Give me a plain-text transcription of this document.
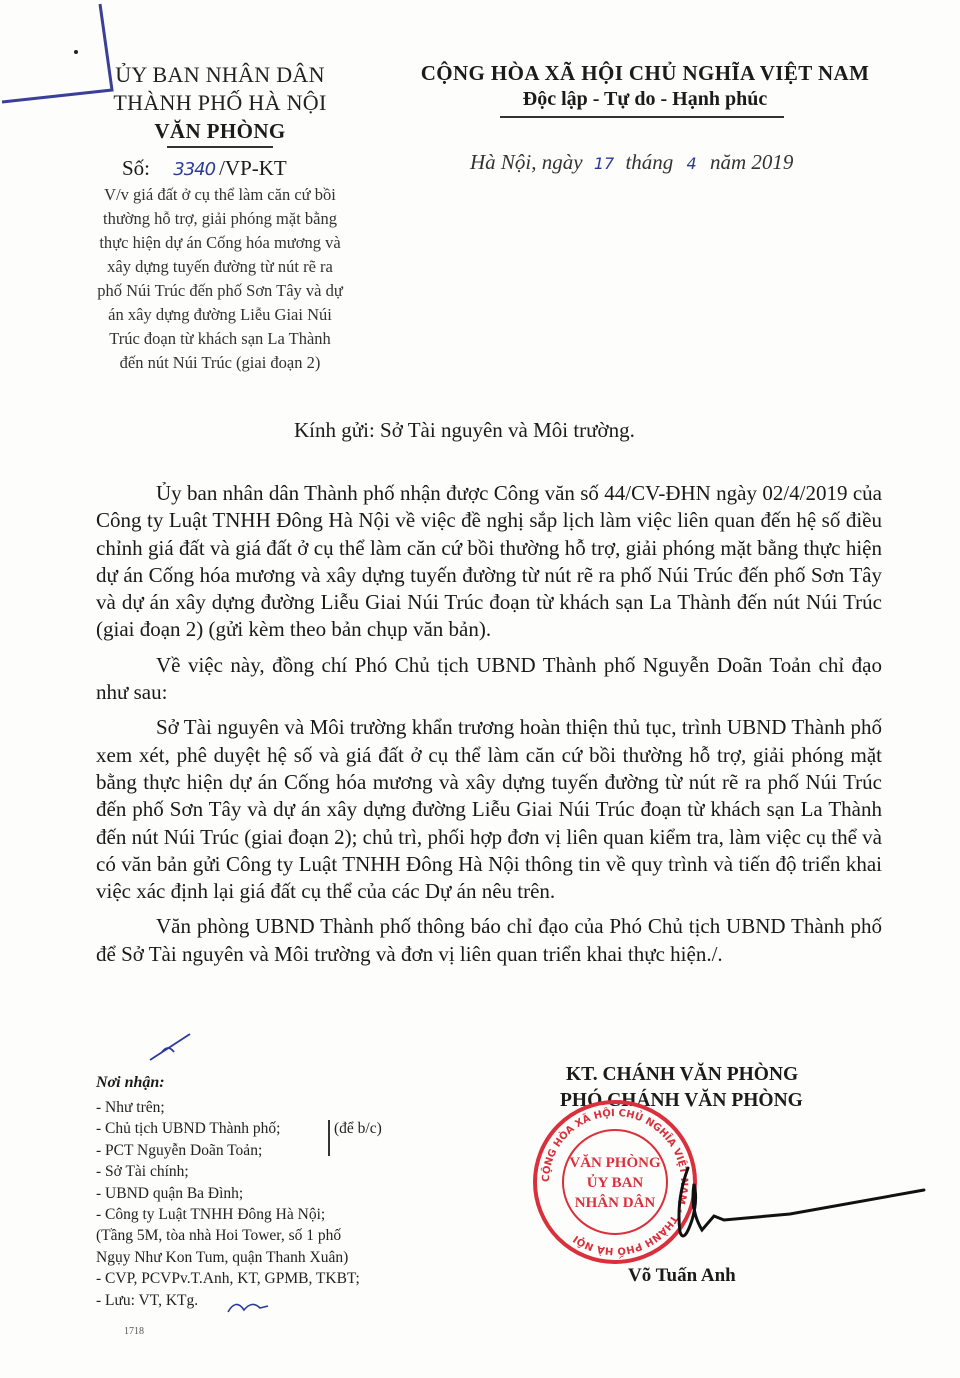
ỦY BAN NHÂN DÂN
THÀNH PHỐ HÀ NỘI
VĂN PHÒNG
Số: 3340 /VP-KT
V/v giá đất ở cụ thể làm căn cứ bồi
thường hỗ trợ, giải phóng mặt bằng
thực hiện dự án Cống hóa mương và
xây dựng tuyến đường từ nút rẽ ra
phố Núi Trúc đến phố Sơn Tây và dự
án xây dựng đường Liễu Giai Núi
Trúc đoạn từ khách sạn La Thành
đến nút Núi Trúc (giai đoạn 2)
CỘNG HÒA XÃ HỘI CHỦ NGHĨA VIỆT NAM
Độc lập - Tự do - Hạnh phúc
Hà Nội, ngày 17 tháng 4 năm 2019
Kính gửi: Sở Tài nguyên và Môi trường.

Ủy ban nhân dân Thành phố nhận được Công văn số 44/CV-ĐHN ngày 02/4/2019 của Công ty Luật TNHH Đông Hà Nội về việc đề nghị sắp lịch làm việc liên quan đến hệ số điều chỉnh giá đất và giá đất ở cụ thể làm căn cứ bồi thường hỗ trợ, giải phóng mặt bằng thực hiện dự án Cống hóa mương và xây dựng tuyến đường từ nút rẽ ra phố Núi Trúc đến phố Sơn Tây và dự án xây dựng đường Liễu Giai Núi Trúc đoạn từ khách sạn La Thành đến nút Núi Trúc (giai đoạn 2) (gửi kèm theo bản chụp văn bản).

Về việc này, đồng chí Phó Chủ tịch UBND Thành phố Nguyễn Doãn Toản chỉ đạo như sau:

Sở Tài nguyên và Môi trường khẩn trương hoàn thiện thủ tục, trình UBND Thành phố xem xét, phê duyệt hệ số và giá đất ở cụ thể làm căn cứ bồi thường hỗ trợ, giải phóng mặt bằng thực hiện dự án Cống hóa mương và xây dựng tuyến đường từ nút rẽ ra phố Núi Trúc đến phố Sơn Tây và dự án xây dựng đường Liễu Giai Núi Trúc đoạn từ khách sạn La Thành đến nút Núi Trúc (giai đoạn 2); chủ trì, phối hợp đơn vị liên quan kiểm tra, làm việc cụ thể và có văn bản gửi Công ty Luật TNHH Đông Hà Nội thông tin về quy trình và tiến độ triển khai việc xác định lại giá đất cụ thể của các Dự án nêu trên.

Văn phòng UBND Thành phố thông báo chỉ đạo của Phó Chủ tịch UBND Thành phố để Sở Tài nguyên và Môi trường và đơn vị liên quan triển khai thực hiện./.

Nơi nhận:
- Như trên;
- Chủ tịch UBND Thành phố;
- PCT Nguyễn Doãn Toản;
- Sở Tài chính;
- UBND quận Ba Đình;
- Công ty Luật TNHH Đông Hà Nội;
(Tầng 5M, tòa nhà Hoi Tower, số 1 phố
Ngụy Như Kon Tum, quận Thanh Xuân)
- CVP, PCVPv.T.Anh, KT, GPMB, TKBT;
- Lưu: VT, KTg.
(để b/c)
1718
KT. CHÁNH VĂN PHÒNG
PHÓ CHÁNH VĂN PHÒNG
CỘNG HÒA XÃ HỘI CHỦ NGHĨA VIỆT NAM * THÀNH PHỐ HÀ NỘI
VĂN PHÒNG
ỦY BAN
NHÂN DÂN
Võ Tuấn Anh
